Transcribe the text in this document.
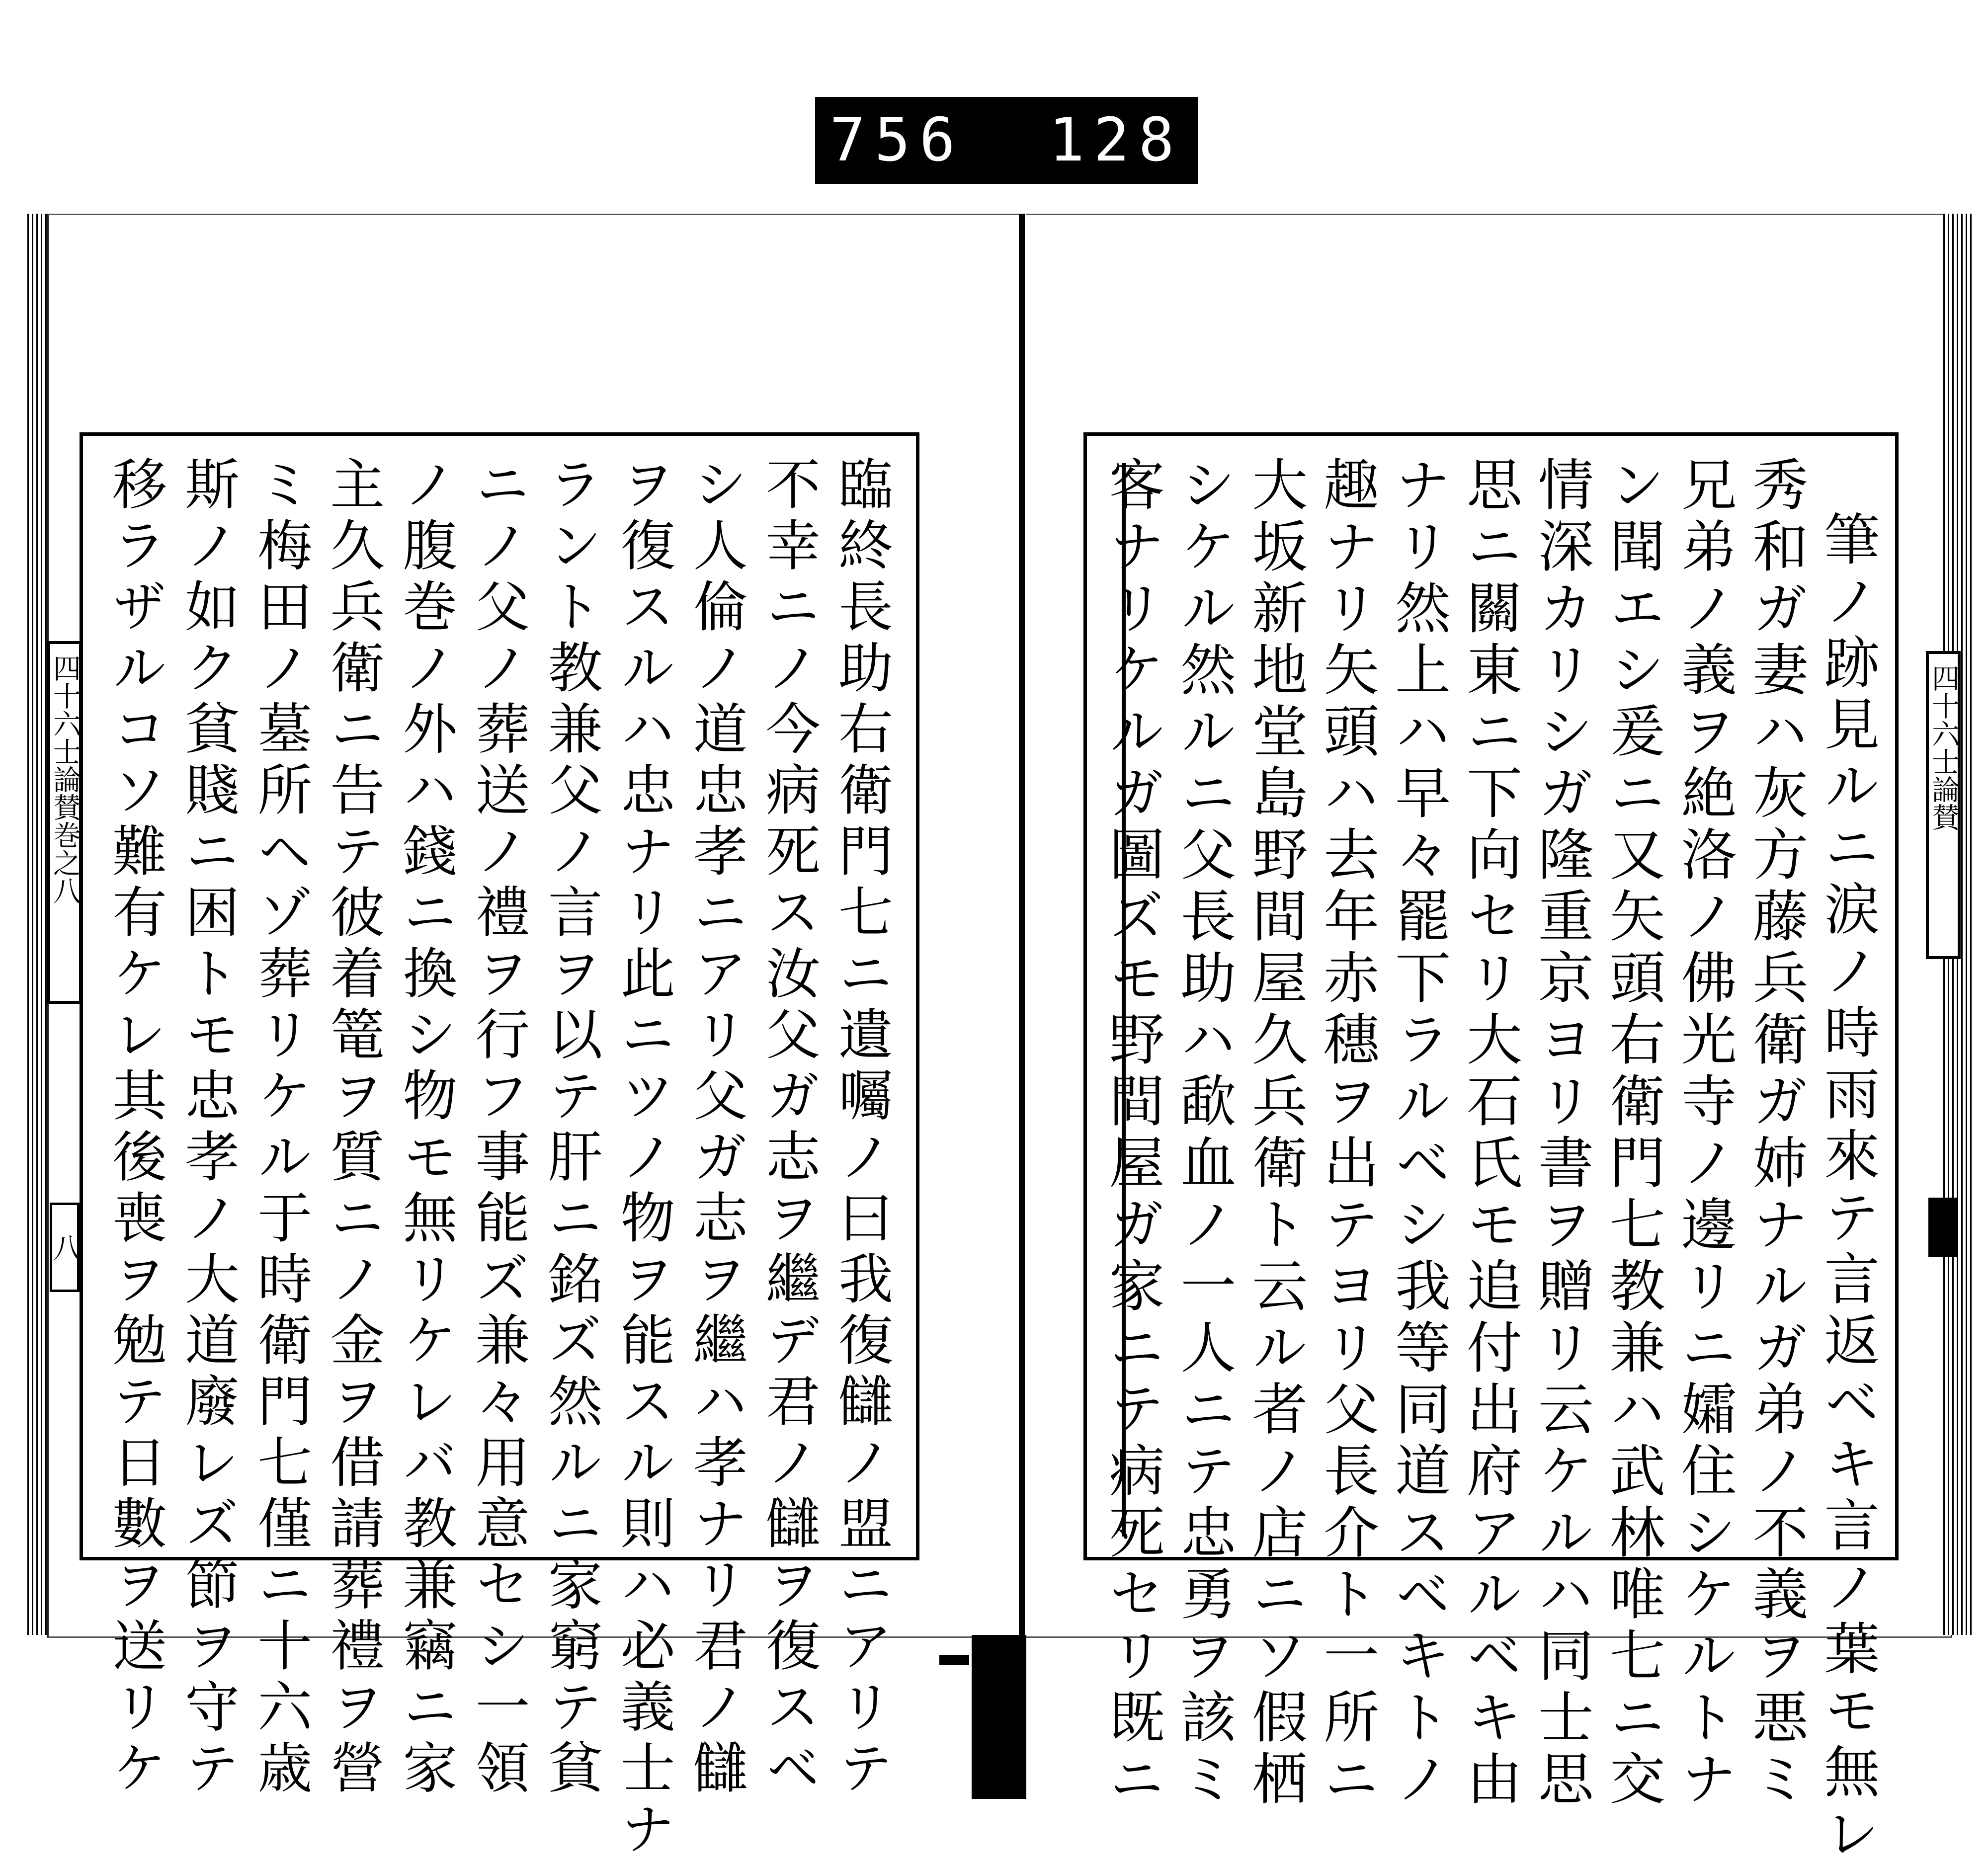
756 128
四十六士論賛巻之八
八
四十六士論賛
筆ノ跡見ルニ涙ノ時雨來テ言返ベキ言ノ葉モ無レ
秀和ガ妻ハ灰方藤兵衛ガ姉ナルガ弟ノ不義ヲ悪ミ
兄弟ノ義ヲ絶洛ノ佛光寺ノ邊リニ孀住シケルトナ
ン聞エシ爰ニ又矢頭右衛門七教兼ハ武林唯七ニ交
情深カリシガ隆重京ヨリ書ヲ贈リ云ケルハ同士思
思ニ關東ニ下向セリ大石氏モ追付出府アルベキ由
ナリ然上ハ早々罷下ラルベシ我等同道スベキトノ
趣ナリ矢頭ハ去年赤穗ヲ出テヨリ父長介ト一所ニ
大坂新地堂島野間屋久兵衛ト云ル者ノ店ニソ假栖
シケル然ルニ父長助ハ歃血ノ一人ニテ忠勇ヲ該ミ
客ナリケルガ圖ズモ野間屋ガ家ニテ病死セリ既ニ
臨終長助右衛門七ニ遺囑ノ曰我復讎ノ盟ニアリテ
不幸ニノ今病死ス汝父ガ志ヲ繼デ君ノ讎ヲ復スベ
シ人倫ノ道忠孝ニアリ父ガ志ヲ繼ハ孝ナリ君ノ讎
ヲ復スルハ忠ナリ此ニツノ物ヲ能スル則ハ必義士ナ
ラント教兼父ノ言ヲ以テ肝ニ銘ズ然ルニ家窮テ貧
ニノ父ノ葬送ノ禮ヲ行フ事能ズ兼々用意セシ一領
ノ腹巻ノ外ハ錢ニ換シ物モ無リケレバ教兼竊ニ家
主久兵衛ニ告テ彼着篭ヲ質ニノ金ヲ借請葬禮ヲ營
ミ梅田ノ墓所ヘゾ葬リケル于時衛門七僅ニ十六歳
斯ノ如ク貧賤ニ困トモ忠孝ノ大道廢レズ節ヲ守テ
移ラザルコソ難有ケレ其後喪ヲ勉テ日數ヲ送リケ
